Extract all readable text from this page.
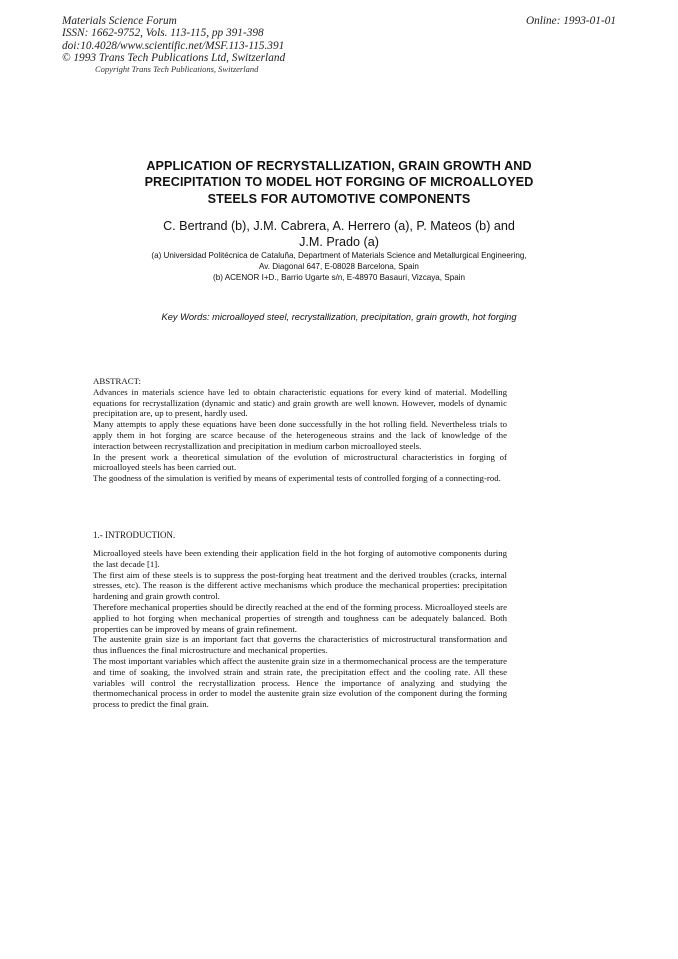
Materials Science Forum
ISSN: 1662-9752, Vols. 113-115, pp 391-398
doi:10.4028/www.scientific.net/MSF.113-115.391
© 1993 Trans Tech Publications Ltd, Switzerland
Online: 1993-01-01
Copyright Trans Tech Publications, Switzerland
APPLICATION OF RECRYSTALLIZATION, GRAIN GROWTH AND
PRECIPITATION TO MODEL HOT FORGING OF MICROALLOYED
STEELS FOR AUTOMOTIVE COMPONENTS
C. Bertrand (b), J.M. Cabrera, A. Herrero (a), P. Mateos (b) and
J.M. Prado (a)
(a) Universidad Politécnica de Cataluña, Department of Materials Science and Metallurgical Engineering,
Av. Diagonal 647, E-08028 Barcelona, Spain
(b) ACENOR I+D., Barrio Ugarte s/n, E-48970 Basauri, Vizcaya, Spain
Key Words: microalloyed steel, recrystallization, precipitation, grain growth, hot forging

ABSTRACT:

Advances in materials science have led to obtain characteristic equations for every kind of material. Modelling equations for recrystallization (dynamic and static) and grain growth are well known. However, models of dynamic precipitation are, up to present, hardly used.

Many attempts to apply these equations have been done successfully in the hot rolling field. Nevertheless trials to apply them in hot forging are scarce because of the heterogeneous strains and the lack of knowledge of the interaction between recrystallization and precipitation in medium carbon microalloyed steels.

In the present work a theoretical simulation of the evolution of microstructural characteristics in forging of microalloyed steels has been carried out.

The goodness of the simulation is verified by means of experimental tests of controlled forging of a connecting-rod.

1.- INTRODUCTION.

Microalloyed steels have been extending their application field in the hot forging of automotive components during the last decade [1].

The first aim of these steels is to suppress the post-forging heat treatment and the derived troubles (cracks, internal stresses, etc). The reason is the different active mechanisms which produce the mechanical properties: precipitation hardening and grain growth control.

Therefore mechanical properties should be directly reached at the end of the forming process. Microalloyed steels are applied to hot forging when mechanical properties of strength and toughness can be adequately balanced. Both properties can be improved by means of grain refinement.

The austenite grain size is an important fact that governs the characteristics of microstructural transformation and thus influences the final microstructure and mechanical properties.

The most important variables which affect the austenite grain size in a thermomechanical process are the temperature and time of soaking, the involved strain and strain rate, the precipitation effect and the cooling rate. All these variables will control the recrystallization process. Hence the importance of analyzing and studying the thermomechanical process in order to model the austenite grain size evolution of the component during the forming process to predict the final grain.
